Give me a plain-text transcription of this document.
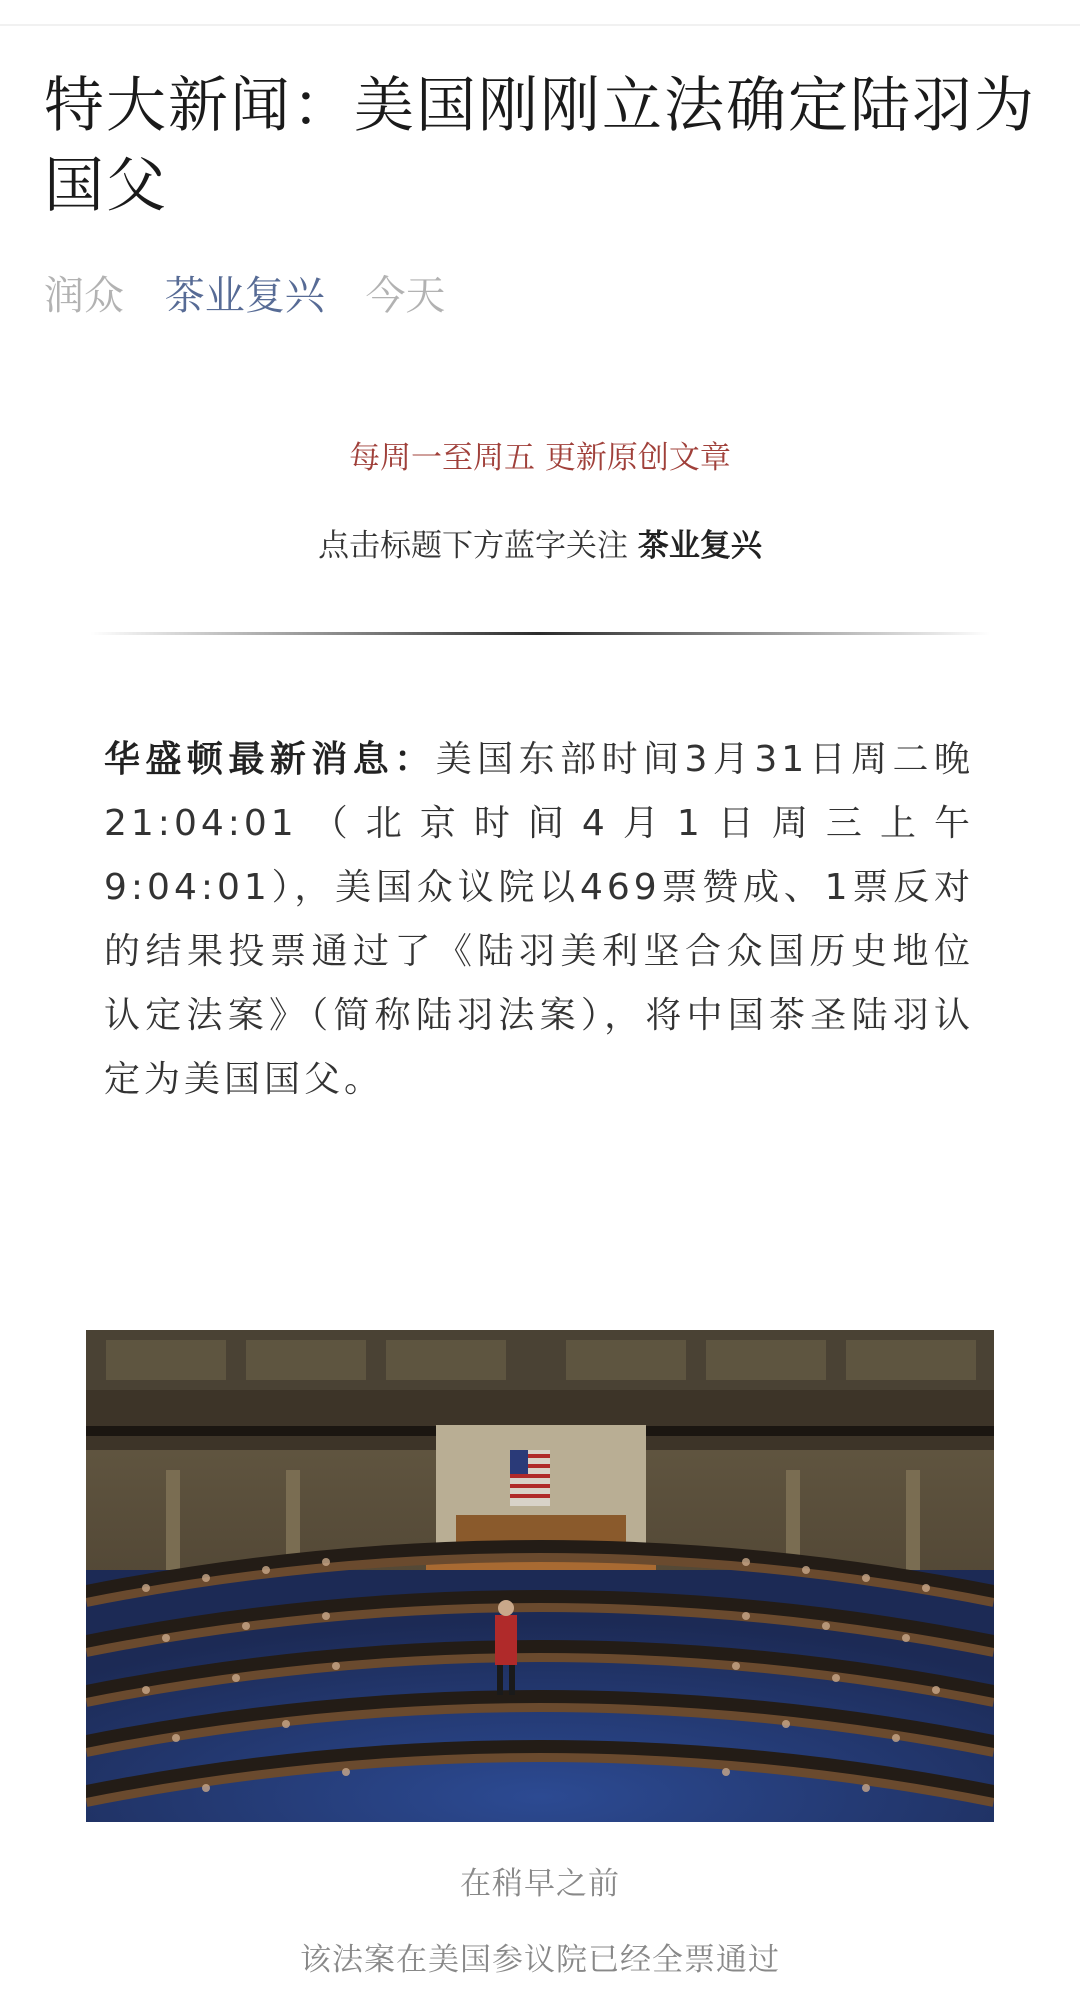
特大新闻：美国刚刚立法确定陆羽为国父
润众 茶业复兴 今天
每周一至周五 更新原创文章
点击标题下方蓝字关注 茶业复兴

华盛顿最新消息：美国东部时间3月31日周二晚21:04:01（北京时间4月1日周三上午9:04:01），美国众议院以469票赞成、1票反对的结果投票通过了《陆羽美利坚合众国历史地位认定法案》（简称陆羽法案），将中国茶圣陆羽认定为美国国父。

在稍早之前
该法案在美国参议院已经全票通过
